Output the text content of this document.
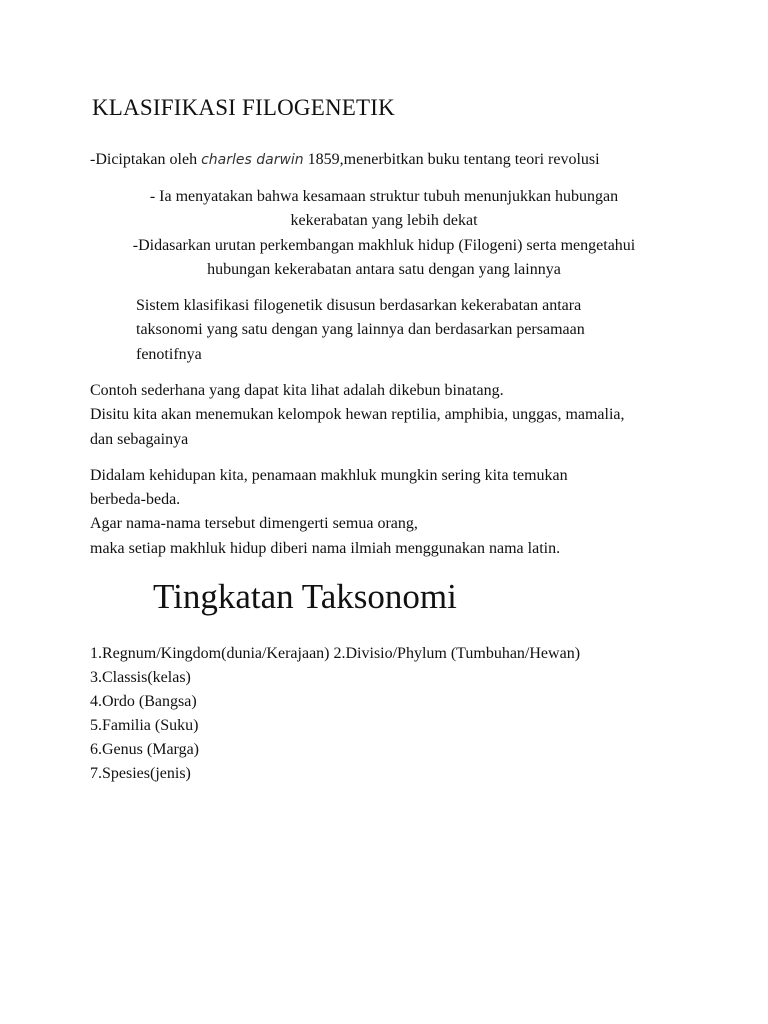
KLASIFIKASI FILOGENETIK

-Diciptakan oleh charles darwin 1859,menerbitkan buku tentang teori revolusi

- Ia menyatakan bahwa kesamaan struktur tubuh menunjukkan hubungan

kekerabatan yang lebih dekat

-Didasarkan urutan perkembangan makhluk hidup (Filogeni) serta mengetahui

hubungan kekerabatan antara satu dengan yang lainnya

Sistem klasifikasi filogenetik disusun berdasarkan kekerabatan antara

taksonomi yang satu dengan yang lainnya dan berdasarkan persamaan

fenotifnya

Contoh sederhana yang dapat kita lihat adalah dikebun binatang.

Disitu kita akan menemukan kelompok hewan reptilia, amphibia, unggas, mamalia,

dan sebagainya

Didalam kehidupan kita, penamaan makhluk mungkin sering kita temukan

berbeda-beda.

Agar nama-nama tersebut dimengerti semua orang,

maka setiap makhluk hidup diberi nama ilmiah menggunakan nama latin.

Tingkatan Taksonomi
1.Regnum/Kingdom(dunia/Kerajaan) 2.Divisio/Phylum (Tumbuhan/Hewan)
3.Classis(kelas)
4.Ordo (Bangsa)
5.Familia (Suku)
6.Genus (Marga)
7.Spesies(jenis)
